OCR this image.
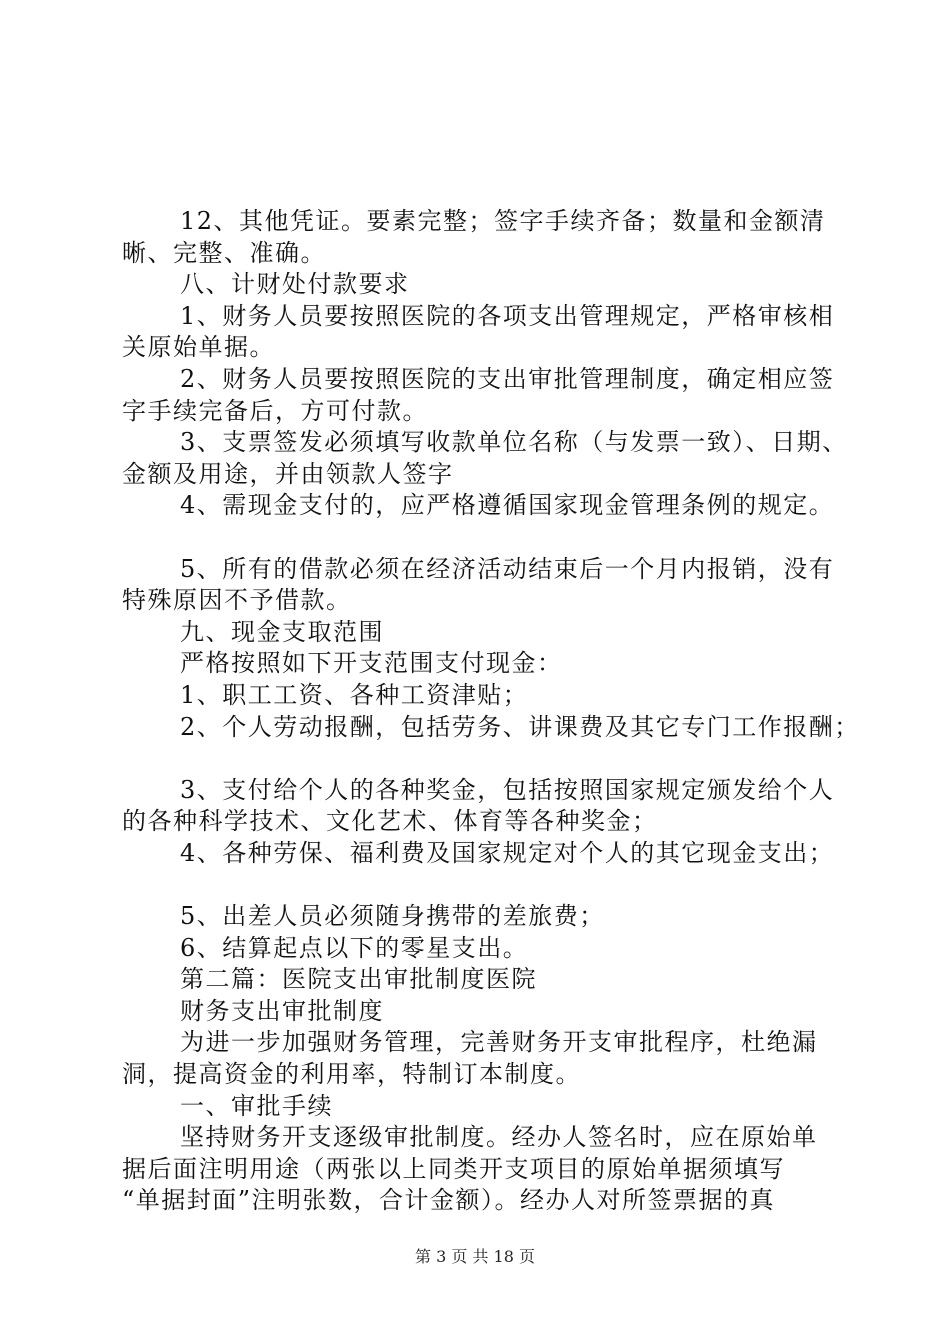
12、其他凭证。要素完整；签字手续齐备；数量和金额清
晰、完整、准确。
八、计财处付款要求
1、财务人员要按照医院的各项支出管理规定，严格审核相
关原始单据。
2、财务人员要按照医院的支出审批管理制度，确定相应签
字手续完备后，方可付款。
3、支票签发必须填写收款单位名称（与发票一致）、日期、
金额及用途，并由领款人签字
4、需现金支付的，应严格遵循国家现金管理条例的规定。
5、所有的借款必须在经济活动结束后一个月内报销，没有
特殊原因不予借款。
九、现金支取范围
严格按照如下开支范围支付现金：
1、职工工资、各种工资津贴；
2、个人劳动报酬，包括劳务、讲课费及其它专门工作报酬；
3、支付给个人的各种奖金，包括按照国家规定颁发给个人
的各种科学技术、文化艺术、体育等各种奖金；
4、各种劳保、福利费及国家规定对个人的其它现金支出；
5、出差人员必须随身携带的差旅费；
6、结算起点以下的零星支出。
第二篇：医院支出审批制度医院
财务支出审批制度
为进一步加强财务管理，完善财务开支审批程序，杜绝漏
洞，提高资金的利用率，特制订本制度。
一、审批手续
坚持财务开支逐级审批制度。经办人签名时，应在原始单
据后面注明用途（两张以上同类开支项目的原始单据须填写
“单据封面”注明张数，合计金额）。经办人对所签票据的真
第 3 页 共 18 页
